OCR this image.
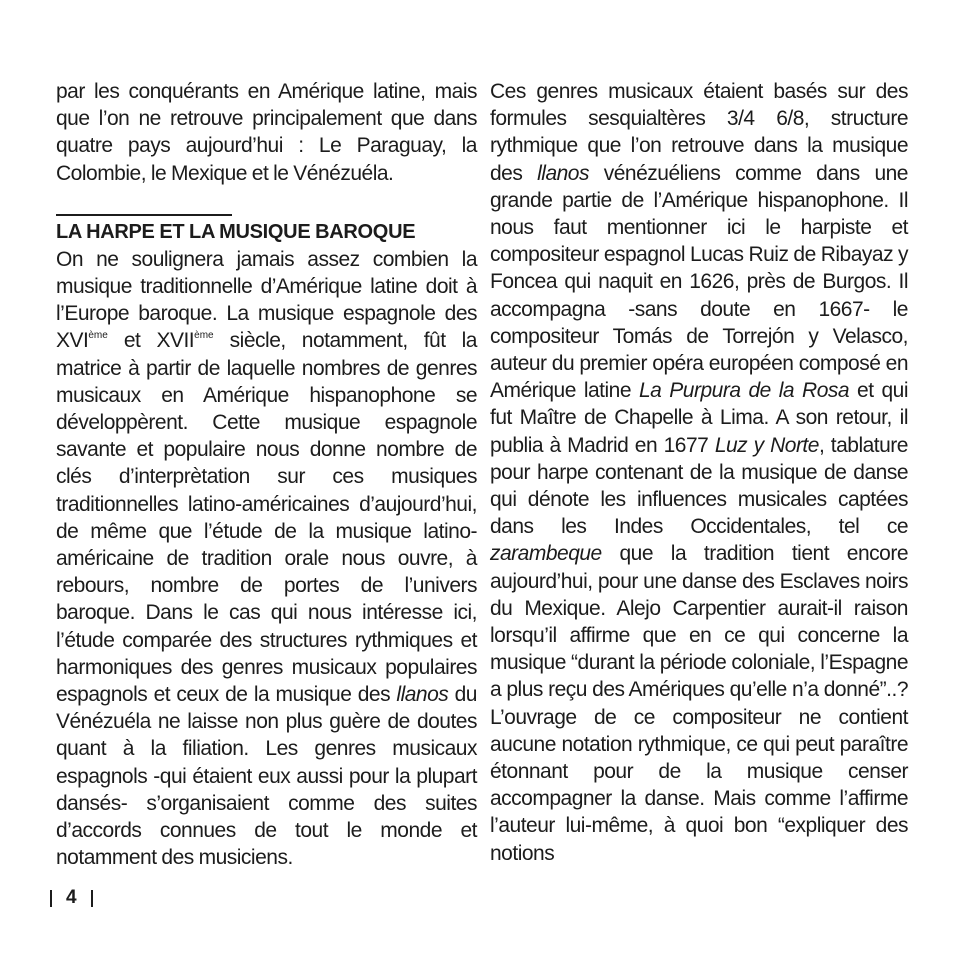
par les conquérants en Amérique latine, mais que l’on ne retrouve principalement que dans quatre pays aujourd’hui : Le Paraguay, la Colombie, le Mexique et le Vénézuéla.

LA HARPE ET LA MUSIQUE BAROQUE

On ne soulignera jamais assez combien la musique traditionnelle d’Amérique latine doit à l’Europe baroque. La musique espagnole des XVIème et XVIIème siècle, notamment, fût la matrice à partir de laquelle nombres de genres musicaux en Amérique hispanophone se développèrent. Cette musique espagnole savante et populaire nous donne nombre de clés d’interprètation sur ces musiques traditionnelles latino-américaines d’aujourd’hui, de même que l’étude de la musique latino-américaine de tradition orale nous ouvre, à rebours, nombre de portes de l’univers baroque. Dans le cas qui nous intéresse ici, l’étude comparée des structures rythmiques et harmoniques des genres musicaux populaires espagnols et ceux de la musique des llanos du Vénézuéla ne laisse non plus guère de doutes quant à la filiation. Les genres musicaux espagnols -qui étaient eux aussi pour la plupart dansés- s’organisaient comme des suites d’accords connues de tout le monde et notamment des musiciens.

Ces genres musicaux étaient basés sur des formules sesquialtères 3/4 6/8, structure rythmique que l’on retrouve dans la musique des llanos vénézuéliens comme dans une grande partie de l’Amérique hispanophone. Il nous faut mentionner ici le harpiste et compositeur espagnol Lucas Ruiz de Ribayaz y Foncea qui naquit en 1626, près de Burgos. Il accompagna -sans doute en 1667- le compositeur Tomás de Torrejón y Velasco, auteur du premier opéra européen composé en Amérique latine La Purpura de la Rosa et qui fut Maître de Chapelle à Lima. A son retour, il publia à Madrid en 1677 Luz y Norte, tablature pour harpe contenant de la musique de danse qui dénote les influences musicales captées dans les Indes Occidentales, tel ce zarambeque que la tradition tient encore aujourd’hui, pour une danse des Esclaves noirs du Mexique. Alejo Carpentier aurait-il raison lorsqu’il affirme que en ce qui concerne la musique “durant la période coloniale, l’Espagne a plus reçu des Amériques qu’elle n’a donné”..? L’ouvrage de ce compositeur ne contient aucune notation rythmique, ce qui peut paraître étonnant pour de la musique censer accompagner la danse. Mais comme l’affirme l’auteur lui-même, à quoi bon “expliquer des notions

4
